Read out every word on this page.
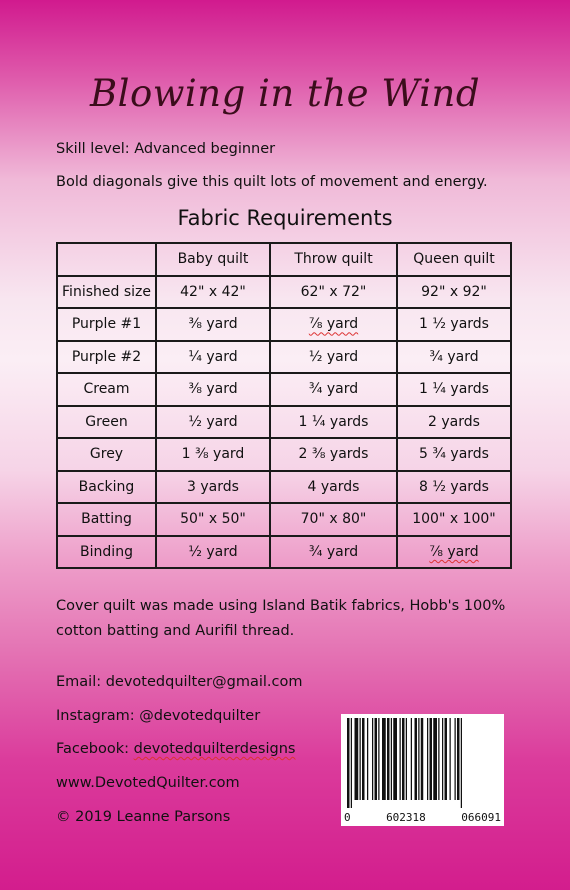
Blowing in the Wind
Skill level: Advanced beginner
Bold diagonals give this quilt lots of movement and energy.
Fabric Requirements
	Baby quilt	Throw quilt	Queen quilt
Finished size	42" x 42"	62" x 72"	92" x 92"
Purple #1	⅜ yard	⅞ yard	1 ½ yards
Purple #2	¼ yard	½ yard	¾ yard
Cream	⅜ yard	¾ yard	1 ¼ yards
Green	½ yard	1 ¼ yards	2 yards
Grey	1 ⅜ yard	2 ⅜ yards	5 ¾ yards
Backing	3 yards	4 yards	8 ½ yards
Batting	50" x 50"	70" x 80"	100" x 100"
Binding	½ yard	¾ yard	⅞ yard
Cover quilt was made using Island Batik fabrics, Hobb's 100%
cotton batting and Aurifil thread.
Email: devotedquilter@gmail.com
Instagram: @devotedquilter
Facebook: devotedquilterdesigns
www.DevotedQuilter.com
© 2019 Leanne Parsons	0	602318	066091
